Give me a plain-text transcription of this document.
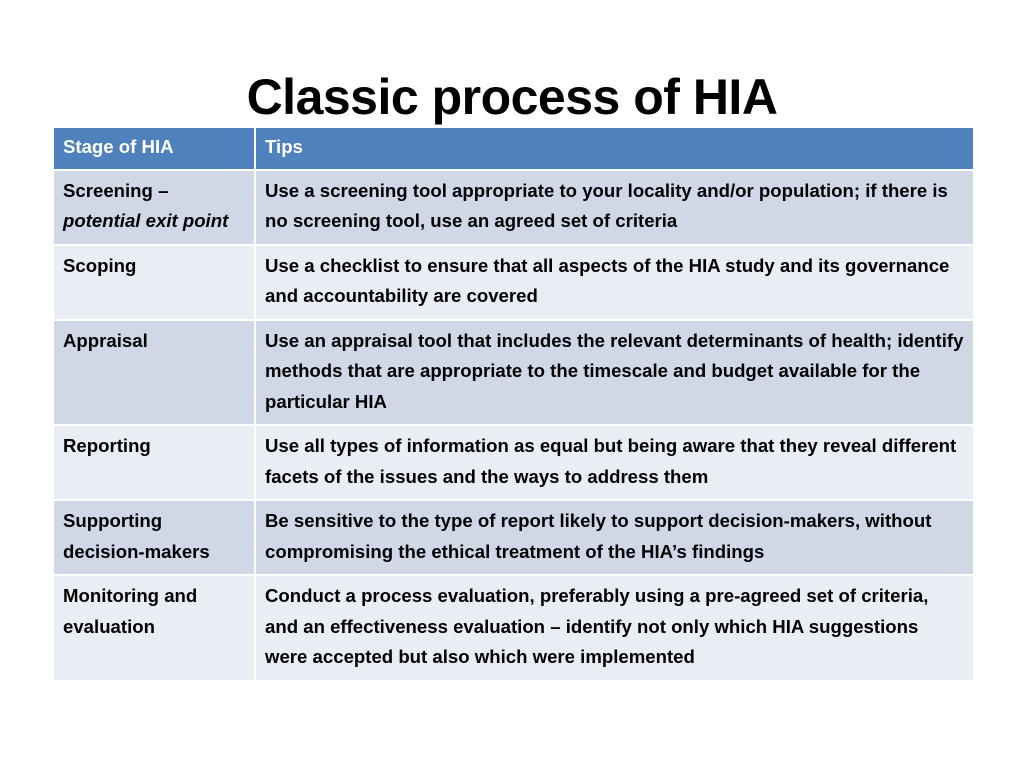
Classic process of HIA
Stage of HIA	Tips
Screening –
potential exit point	Use a screening tool appropriate to your locality and/or population; if there is no screening tool, use an agreed set of criteria
Scoping	Use a checklist to ensure that all aspects of the HIA study and its governance and accountability are covered
Appraisal	Use an appraisal tool that includes the relevant determinants of health; identify methods that are appropriate to the timescale and budget available for the particular HIA
Reporting	Use all types of information as equal but being aware that they reveal different facets of the issues and the ways to address them
Supporting decision-makers	Be sensitive to the type of report likely to support decision-makers, without compromising the ethical treatment of the HIA’s findings
Monitoring and evaluation	Conduct a process evaluation, preferably using a pre-agreed set of criteria, and an effectiveness evaluation – identify not only which HIA suggestions were accepted but also which were implemented
